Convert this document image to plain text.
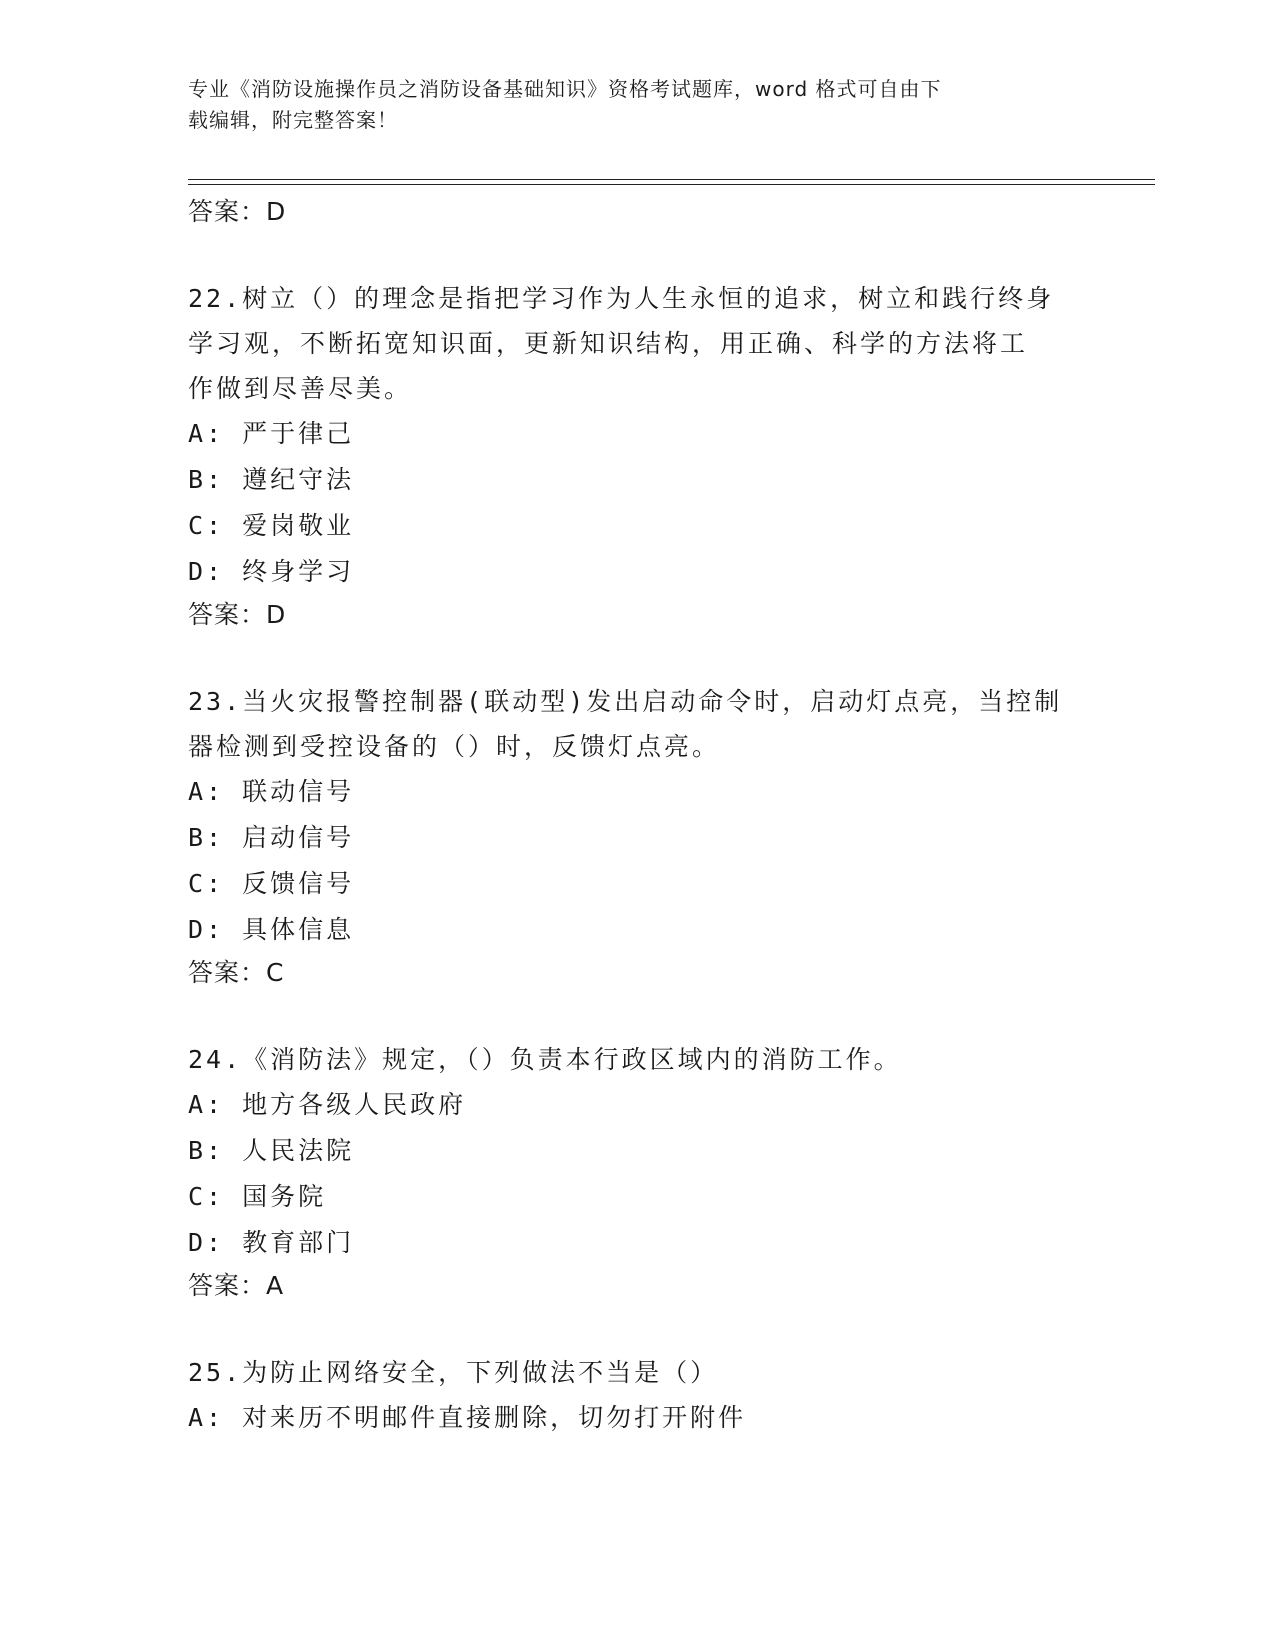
专业《消防设施操作员之消防设备基础知识》资格考试题库，word 格式可自由下
载编辑，附完整答案！
答案：D
22.树立（）的理念是指把学习作为人生永恒的追求，树立和践行终身
学习观，不断拓宽知识面，更新知识结构，用正确、科学的方法将工
作做到尽善尽美。
A: 严于律己
B: 遵纪守法
C: 爱岗敬业
D: 终身学习
答案：D
23.当火灾报警控制器(联动型)发出启动命令时，启动灯点亮，当控制
器检测到受控设备的（）时，反馈灯点亮。
A: 联动信号
B: 启动信号
C: 反馈信号
D: 具体信息
答案：C
24.《消防法》规定，（）负责本行政区域内的消防工作。
A: 地方各级人民政府
B: 人民法院
C: 国务院
D: 教育部门
答案：A
25.为防止网络安全，下列做法不当是（）
A: 对来历不明邮件直接删除，切勿打开附件
